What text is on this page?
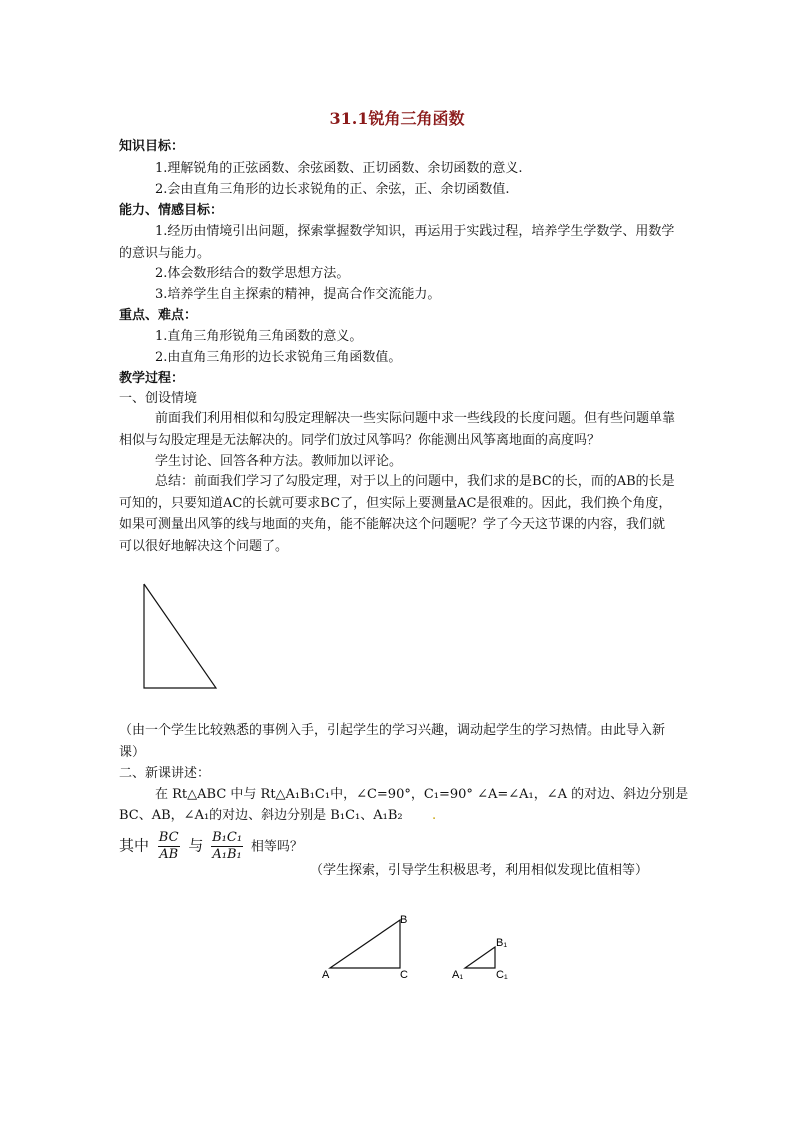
31.1锐角三角函数
知识目标：
1.理解锐角的正弦函数、余弦函数、正切函数、余切函数的意义.
2.会由直角三角形的边长求锐角的正、余弦，正、余切函数值.
能力、情感目标：
1.经历由情境引出问题，探索掌握数学知识，再运用于实践过程，培养学生学数学、用数学的意识与能力。
2.体会数形结合的数学思想方法。
3.培养学生自主探索的精神，提高合作交流能力。
重点、难点：
1.直角三角形锐角三角函数的意义。
2.由直角三角形的边长求锐角三角函数值。
教学过程：
一、创设情境
前面我们利用相似和勾股定理解决一些实际问题中求一些线段的长度问题。但有些问题单靠相似与勾股定理是无法解决的。同学们放过风筝吗？你能测出风筝离地面的高度吗？
学生讨论、回答各种方法。教师加以评论。
总结：前面我们学习了勾股定理，对于以上的问题中，我们求的是BC的长，而的AB的长是可知的，只要知道AC的长就可要求BC了，但实际上要测量AC是很难的。因此，我们换个角度，如果可测量出风筝的线与地面的夹角，能不能解决这个问题呢？学了今天这节课的内容，我们就可以很好地解决这个问题了。
（由一个学生比较熟悉的事例入手，引起学生的学习兴趣，调动起学生的学习热情。由此导入新课）
二、新课讲述：
在 Rt△ABC 中与 Rt△A₁B₁C₁中，∠C=90°，C₁=90° ∠A=∠A₁，∠A 的对边、斜边分别是
BC、AB，∠A₁的对边、斜边分别是 B₁C₁、A₁B₂ .
其中 $\frac{BC}{AB}$ 与 $\frac{\text{B₁C₁}}{\text{A₁B₁}}$ 相等吗？
（学生探索，引导学生积极思考，利用相似发现比值相等）
A
B
C	A₁
B₁
C₁
